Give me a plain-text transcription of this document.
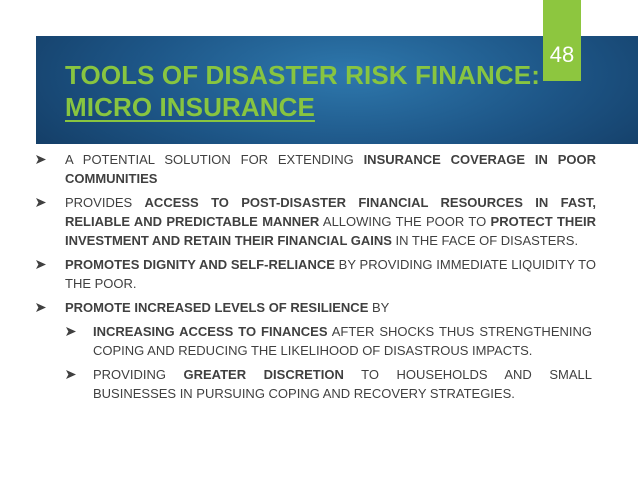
TOOLS OF DISASTER RISK FINANCE:
MICRO INSURANCE
48
A POTENTIAL SOLUTION FOR EXTENDING INSURANCE COVERAGE IN POOR COMMUNITIES
PROVIDES ACCESS TO POST-DISASTER FINANCIAL RESOURCES IN FAST, RELIABLE AND PREDICTABLE MANNER ALLOWING THE POOR TO PROTECT THEIR INVESTMENT AND RETAIN THEIR FINANCIAL GAINS IN THE FACE OF DISASTERS.
PROMOTES DIGNITY AND SELF-RELIANCE BY PROVIDING IMMEDIATE LIQUIDITY TO THE POOR.
PROMOTE INCREASED LEVELS OF RESILIENCE BY
INCREASING ACCESS TO FINANCES AFTER SHOCKS THUS STRENGTHENING COPING AND REDUCING THE LIKELIHOOD OF DISASTROUS IMPACTS.
PROVIDING GREATER DISCRETION TO HOUSEHOLDS AND SMALL BUSINESSES IN PURSUING COPING AND RECOVERY STRATEGIES.
